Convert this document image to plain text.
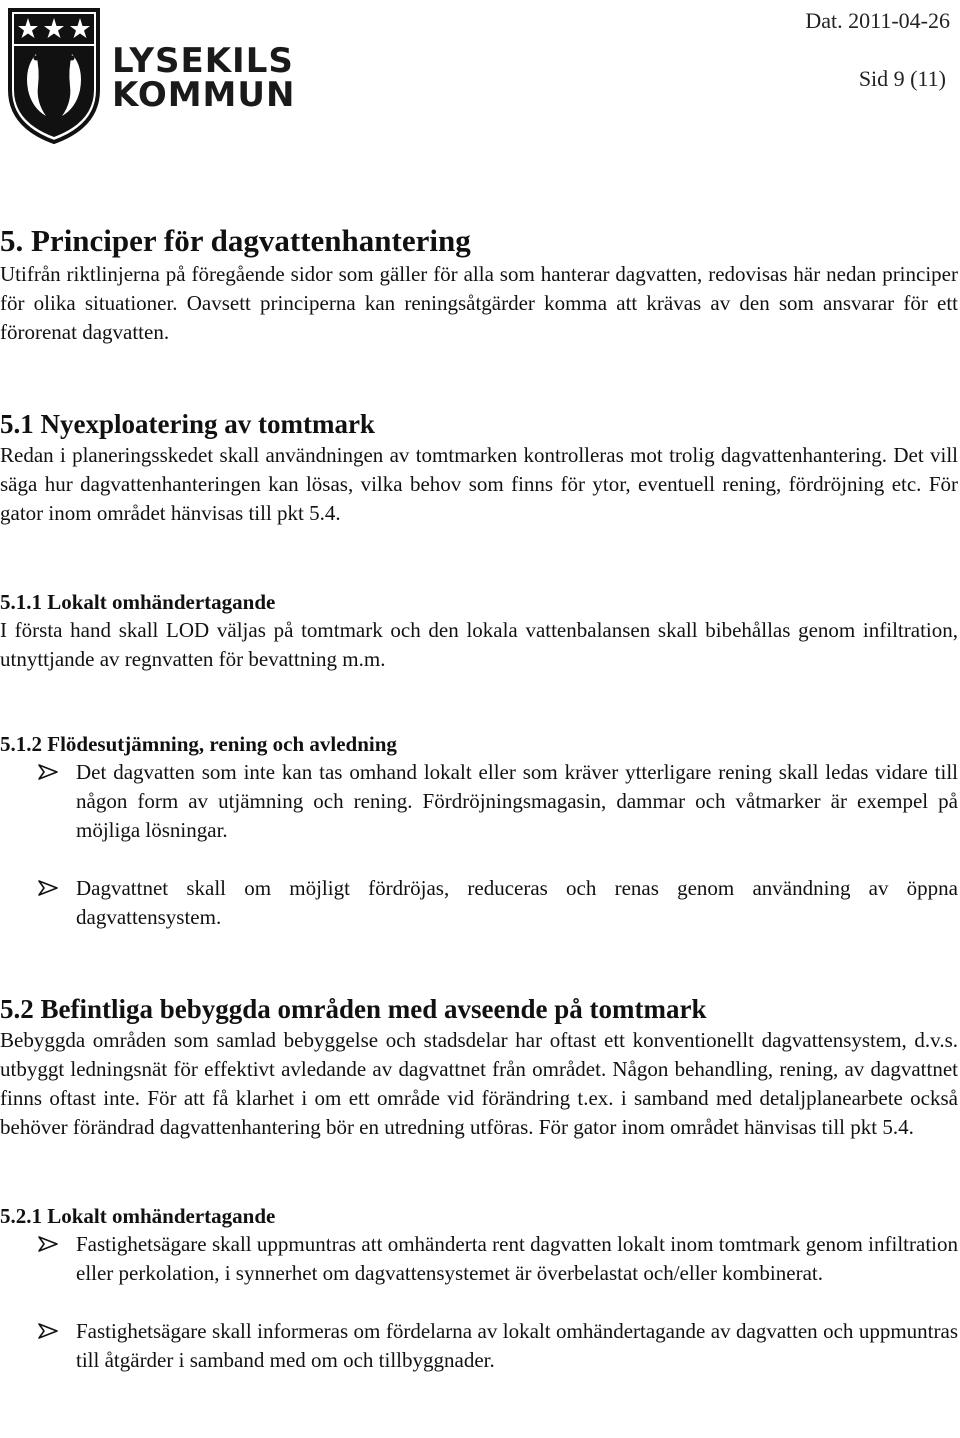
LYSEKILS
KOMMUN
Dat. 2011-04-26
Sid 9 (11)
5. Principer för dagvattenhantering

Utifrån riktlinjerna på föregående sidor som gäller för alla som hanterar dagvatten, redovisas här nedan principer för olika situationer. Oavsett principerna kan reningsåtgärder komma att krävas av den som ansvarar för ett förorenat dagvatten.

5.1 Nyexploatering av tomtmark

Redan i planeringsskedet skall användningen av tomtmarken kontrolleras mot trolig dagvattenhantering. Det vill säga hur dagvattenhanteringen kan lösas, vilka behov som finns för ytor, eventuell rening, fördröjning etc. För gator inom området hänvisas till pkt 5.4.

5.1.1 Lokalt omhändertagande

I första hand skall LOD väljas på tomtmark och den lokala vattenbalansen skall bibehållas genom infiltration, utnyttjande av regnvatten för bevattning m.m.

5.1.2 Flödesutjämning, rening och avledning
Det dagvatten som inte kan tas omhand lokalt eller som kräver ytterligare rening skall ledas vidare till någon form av utjämning och rening. Fördröjningsmagasin, dammar och våtmarker är exempel på möjliga lösningar.
Dagvattnet skall om möjligt fördröjas, reduceras och renas genom användning av öppna dagvattensystem.
5.2 Befintliga bebyggda områden med avseende på tomtmark

Bebyggda områden som samlad bebyggelse och stadsdelar har oftast ett konventionellt dagvattensystem, d.v.s. utbyggt ledningsnät för effektivt avledande av dagvattnet från området. Någon behandling, rening, av dagvattnet finns oftast inte. För att få klarhet i om ett område vid förändring t.ex. i samband med detaljplanearbete också behöver förändrad dagvattenhantering bör en utredning utföras. För gator inom området hänvisas till pkt 5.4.

5.2.1 Lokalt omhändertagande
Fastighetsägare skall uppmuntras att omhänderta rent dagvatten lokalt inom tomtmark genom infiltration eller perkolation, i synnerhet om dagvattensystemet är överbelastat och/eller kombinerat.
Fastighetsägare skall informeras om fördelarna av lokalt omhändertagande av dagvatten och uppmuntras till åtgärder i samband med om och tillbyggnader.
